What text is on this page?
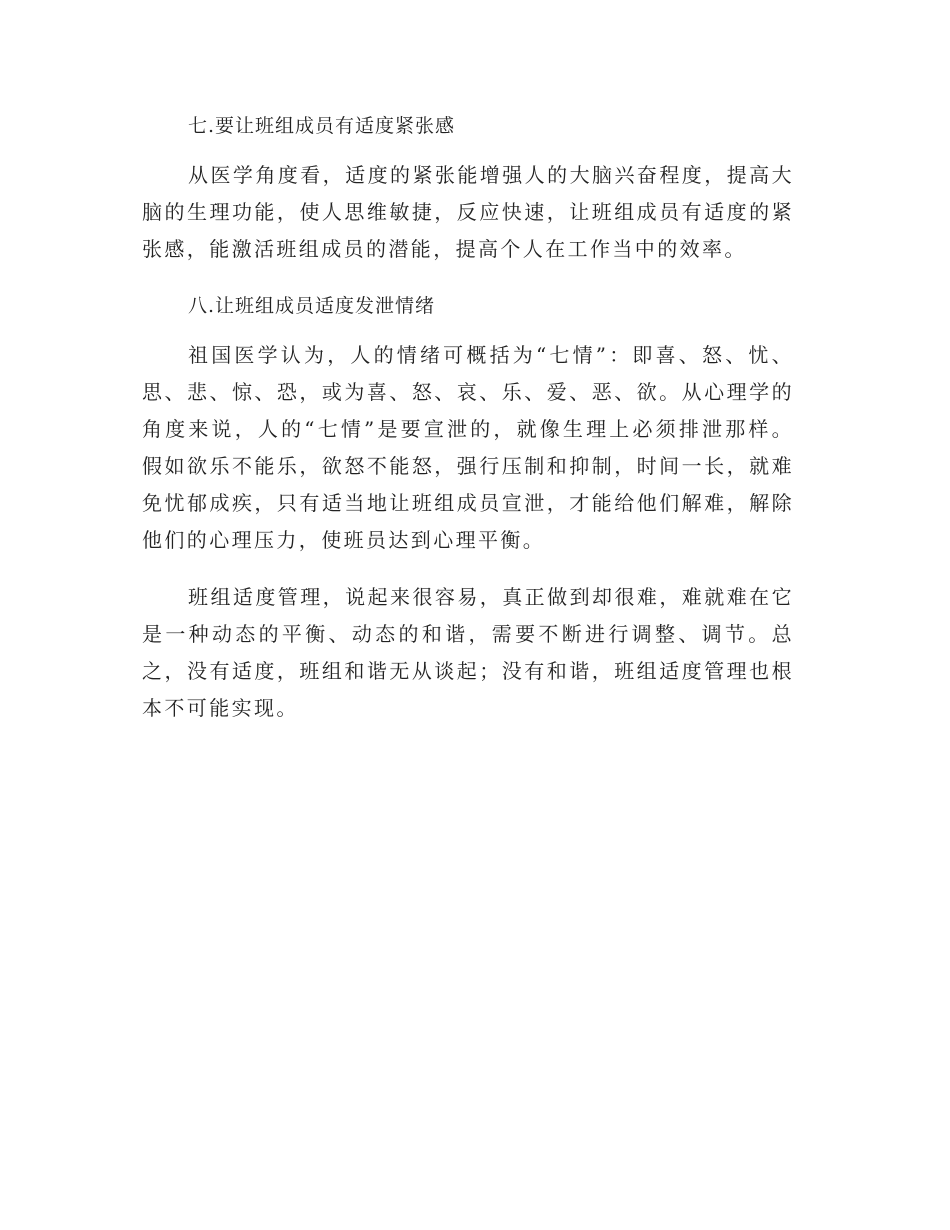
七.要让班组成员有适度紧张感

从医学角度看，适度的紧张能增强人的大脑兴奋程度，提高大脑的生理功能，使人思维敏捷，反应快速，让班组成员有适度的紧张感，能激活班组成员的潜能，提高个人在工作当中的效率。

八.让班组成员适度发泄情绪

祖国医学认为，人的情绪可概括为“七情”：即喜、怒、忧、思、悲、惊、恐，或为喜、怒、哀、乐、爱、恶、欲。从心理学的角度来说，人的“七情”是要宣泄的，就像生理上必须排泄那样。假如欲乐不能乐，欲怒不能怒，强行压制和抑制，时间一长，就难免忧郁成疾，只有适当地让班组成员宣泄，才能给他们解难，解除他们的心理压力，使班员达到心理平衡。

班组适度管理，说起来很容易，真正做到却很难，难就难在它是一种动态的平衡、动态的和谐，需要不断进行调整、调节。总之，没有适度，班组和谐无从谈起；没有和谐，班组适度管理也根本不可能实现。
